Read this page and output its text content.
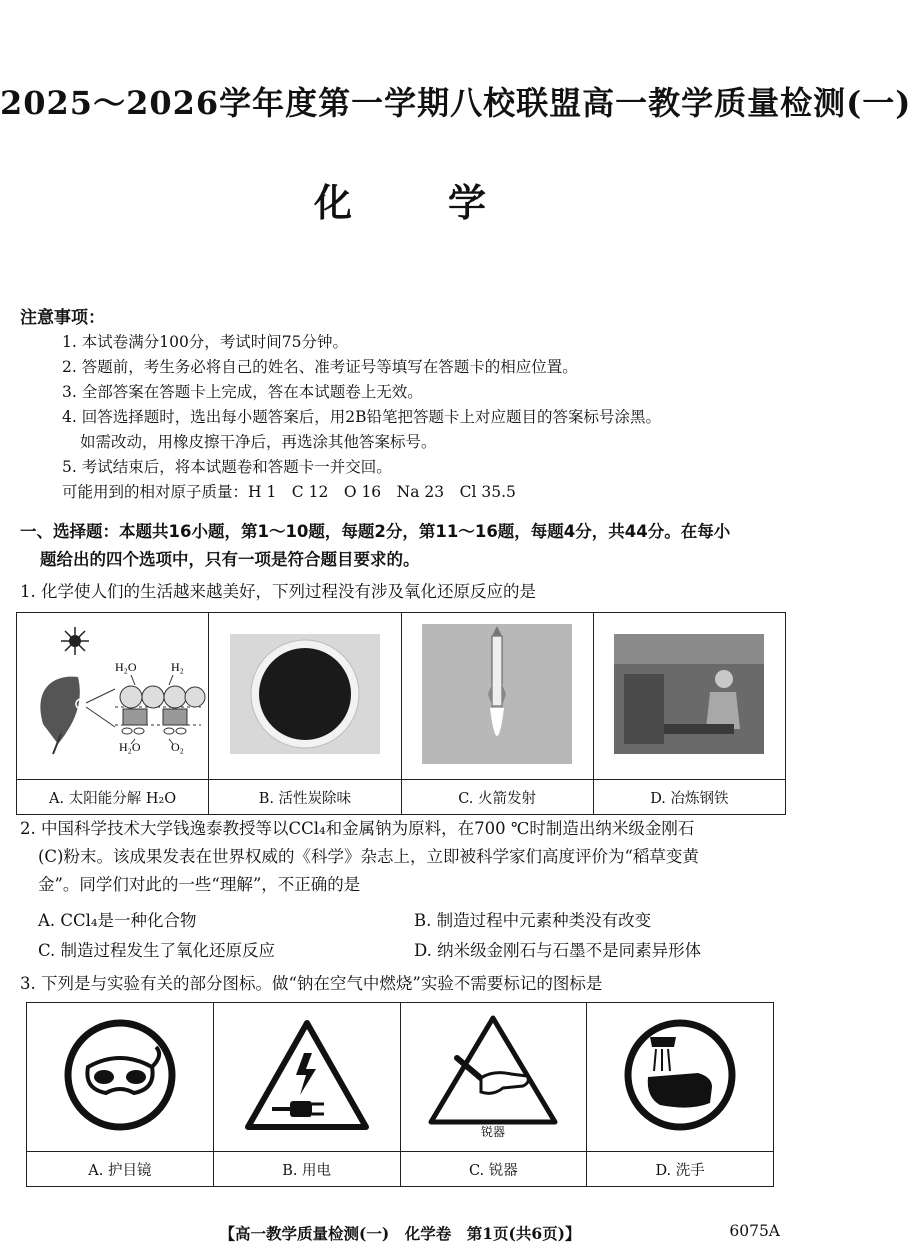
2025～2026学年度第一学期八校联盟高一教学质量检测(一)
化学
注意事项：
1. 本试卷满分100分，考试时间75分钟。
2. 答题前，考生务必将自己的姓名、准考证号等填写在答题卡的相应位置。
3. 全部答案在答题卡上完成，答在本试题卷上无效。
4. 回答选择题时，选出每小题答案后，用2B铅笔把答题卡上对应题目的答案标号涂黑。
如需改动，用橡皮擦干净后，再选涂其他答案标号。
5. 考试结束后，将本试题卷和答题卡一并交回。
可能用到的相对原子质量：H 1　C 12　O 16　Na 23　Cl 35.5
一、选择题：本题共16小题，第1～10题，每题2分，第11～16题，每题4分，共44分。在每小
题给出的四个选项中，只有一项是符合题目要求的。
1. 化学使人们的生活越来越美好，下列过程没有涉及氧化还原反应的是
H₂O H₂
H₂O O₂

A. 太阳能分解 H₂O	B. 活性炭除味	C. 火箭发射	D. 冶炼钢铁
2. 中国科学技术大学钱逸泰教授等以CCl₄和金属钠为原料，在700 ℃时制造出纳米级金刚石
(C)粉末。该成果发表在世界权威的《科学》杂志上，立即被科学家们高度评价为“稻草变黄
金”。同学们对此的一些“理解”，不正确的是
A. CCl₄是一种化合物	B. 制造过程中元素种类没有改变
C. 制造过程发生了氧化还原反应	D. 纳米级金刚石与石墨不是同素异形体
3. 下列是与实验有关的部分图标。做“钠在空气中燃烧”实验不需要标记的图标是

锐器

A. 护目镜	B. 用电	C. 锐器	D. 洗手
【高一教学质量检测(一)　化学卷　第1页(共6页)】	6075A
